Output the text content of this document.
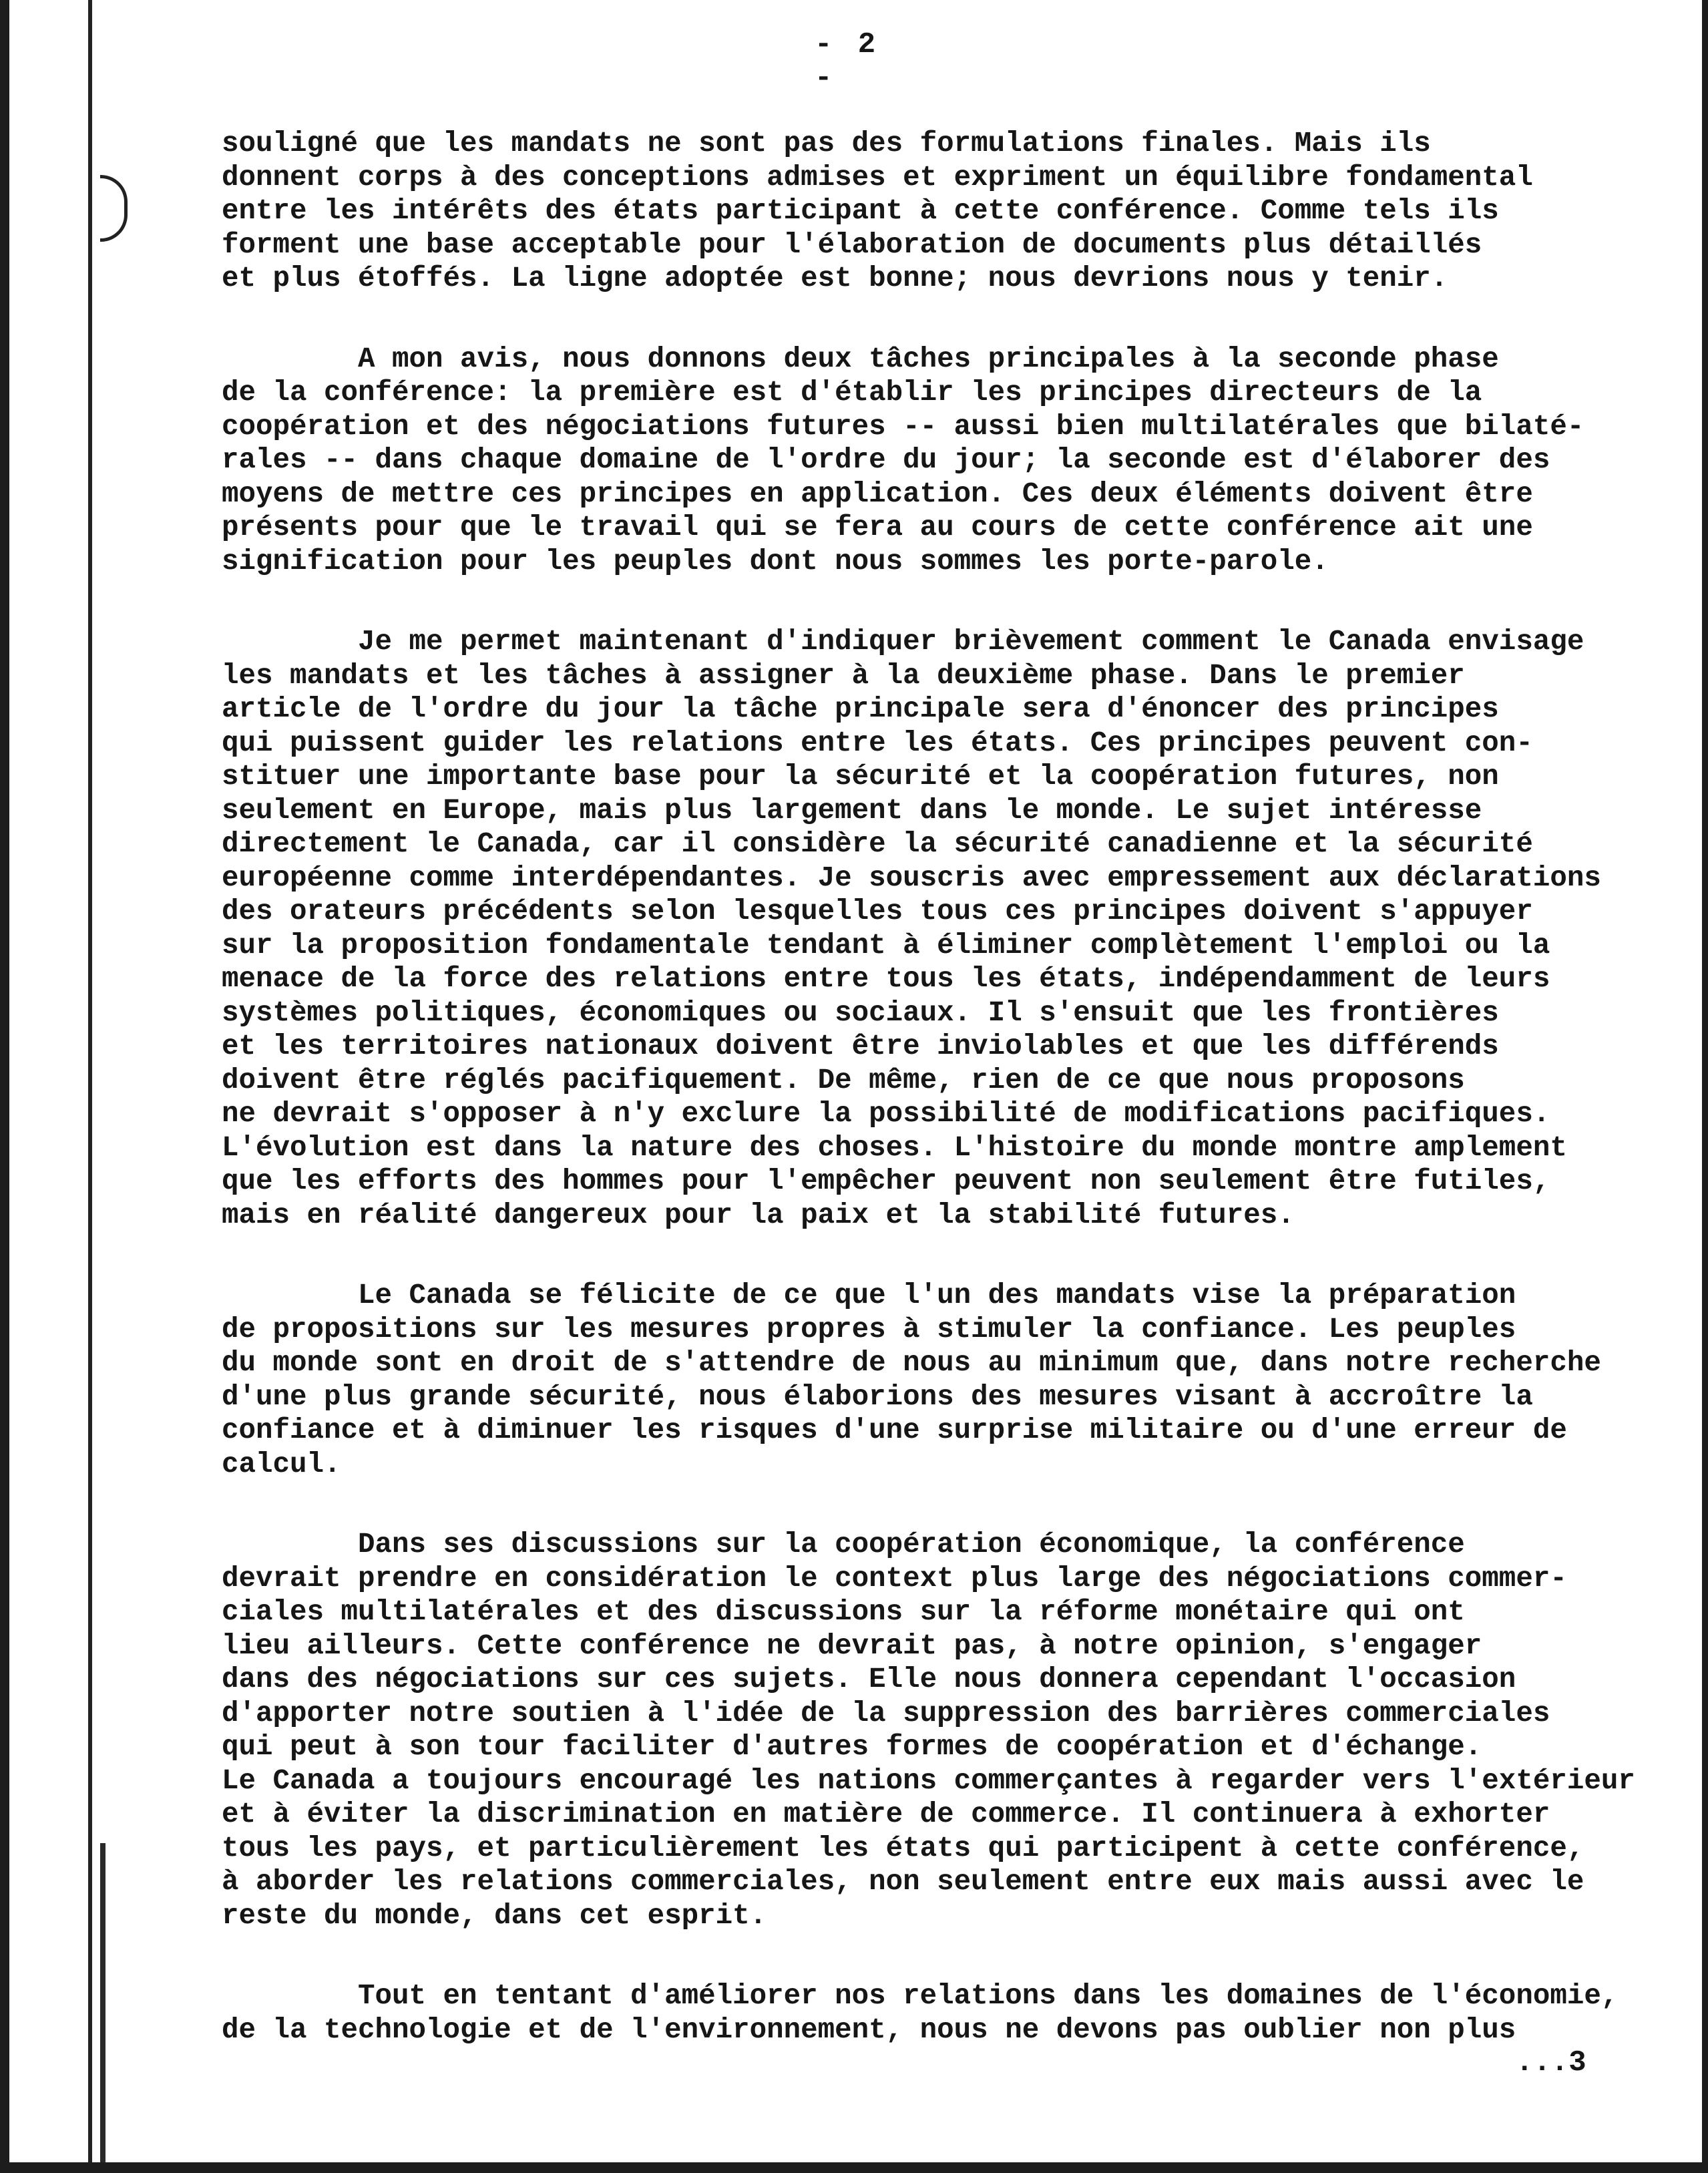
- 2 -
souligné que les mandats ne sont pas des formulations finales. Mais ils
donnent corps à des conceptions admises et expriment un équilibre fondamental
entre les intérêts des états participant à cette conférence. Comme tels ils
forment une base acceptable pour l'élaboration de documents plus détaillés
et plus étoffés. La ligne adoptée est bonne; nous devrions nous y tenir.
A mon avis, nous donnons deux tâches principales à la seconde phase
de la conférence: la première est d'établir les principes directeurs de la
coopération et des négociations futures -- aussi bien multilatérales que bilaté-
rales -- dans chaque domaine de l'ordre du jour; la seconde est d'élaborer des
moyens de mettre ces principes en application. Ces deux éléments doivent être
présents pour que le travail qui se fera au cours de cette conférence ait une
signification pour les peuples dont nous sommes les porte-parole.
Je me permet maintenant d'indiquer brièvement comment le Canada envisage
les mandats et les tâches à assigner à la deuxième phase. Dans le premier
article de l'ordre du jour la tâche principale sera d'énoncer des principes
qui puissent guider les relations entre les états. Ces principes peuvent con-
stituer une importante base pour la sécurité et la coopération futures, non
seulement en Europe, mais plus largement dans le monde. Le sujet intéresse
directement le Canada, car il considère la sécurité canadienne et la sécurité
européenne comme interdépendantes. Je souscris avec empressement aux déclarations
des orateurs précédents selon lesquelles tous ces principes doivent s'appuyer
sur la proposition fondamentale tendant à éliminer complètement l'emploi ou la
menace de la force des relations entre tous les états, indépendamment de leurs
systèmes politiques, économiques ou sociaux. Il s'ensuit que les frontières
et les territoires nationaux doivent être inviolables et que les différends
doivent être réglés pacifiquement. De même, rien de ce que nous proposons
ne devrait s'opposer à n'y exclure la possibilité de modifications pacifiques.
L'évolution est dans la nature des choses. L'histoire du monde montre amplement
que les efforts des hommes pour l'empêcher peuvent non seulement être futiles,
mais en réalité dangereux pour la paix et la stabilité futures.
Le Canada se félicite de ce que l'un des mandats vise la préparation
de propositions sur les mesures propres à stimuler la confiance. Les peuples
du monde sont en droit de s'attendre de nous au minimum que, dans notre recherche
d'une plus grande sécurité, nous élaborions des mesures visant à accroître la
confiance et à diminuer les risques d'une surprise militaire ou d'une erreur de
calcul.
Dans ses discussions sur la coopération économique, la conférence
devrait prendre en considération le context plus large des négociations commer-
ciales multilatérales et des discussions sur la réforme monétaire qui ont
lieu ailleurs. Cette conférence ne devrait pas, à notre opinion, s'engager
dans des négociations sur ces sujets. Elle nous donnera cependant l'occasion
d'apporter notre soutien à l'idée de la suppression des barrières commerciales
qui peut à son tour faciliter d'autres formes de coopération et d'échange.
Le Canada a toujours encouragé les nations commerçantes à regarder vers l'extérieur
et à éviter la discrimination en matière de commerce. Il continuera à exhorter
tous les pays, et particulièrement les états qui participent à cette conférence,
à aborder les relations commerciales, non seulement entre eux mais aussi avec le
reste du monde, dans cet esprit.
Tout en tentant d'améliorer nos relations dans les domaines de l'économie,
de la technologie et de l'environnement, nous ne devons pas oublier non plus
...3
